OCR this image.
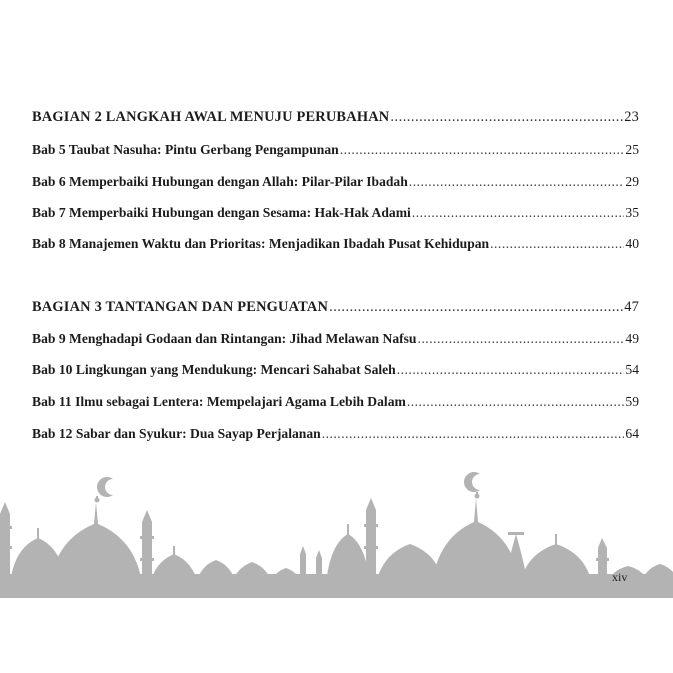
BAGIAN 2 LANGKAH AWAL MENUJU PERUBAHAN .....	23
Bab 5 Taubat Nasuha: Pintu Gerbang Pengampunan .....	25
Bab 6 Memperbaiki Hubungan dengan Allah: Pilar-Pilar Ibadah .....	29
Bab 7 Memperbaiki Hubungan dengan Sesama: Hak-Hak Adami .....	35
Bab 8 Manajemen Waktu dan Prioritas: Menjadikan Ibadah Pusat Kehidupan .....	40
BAGIAN 3 TANTANGAN DAN PENGUATAN .....	47
Bab 9 Menghadapi Godaan dan Rintangan: Jihad Melawan Nafsu .....	49
Bab 10 Lingkungan yang Mendukung: Mencari Sahabat Saleh .....	54
Bab 11 Ilmu sebagai Lentera: Mempelajari Agama Lebih Dalam .....	59
Bab 12 Sabar dan Syukur: Dua Sayap Perjalanan .....	64
xiv
